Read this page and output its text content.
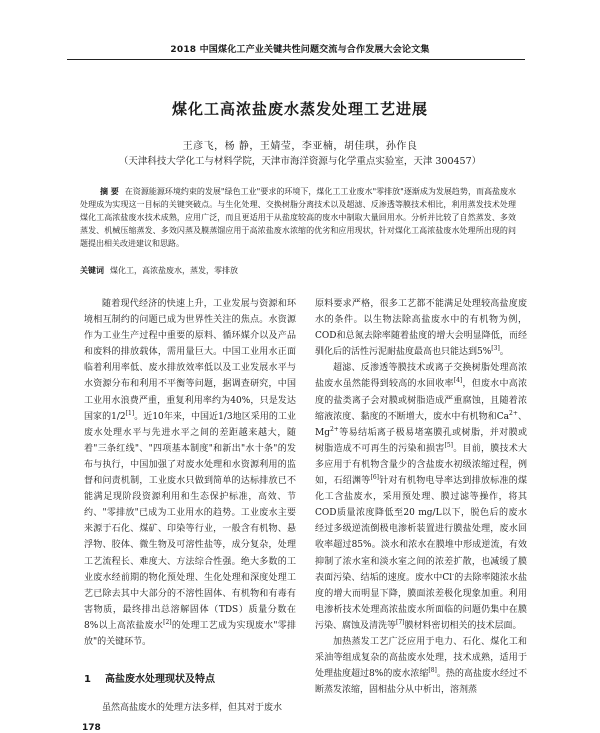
2018 中国煤化工产业关键共性问题交流与合作发展大会论文集
煤化工高浓盐废水蒸发处理工艺进展
王彦飞，杨 静，王婧莹，李亚楠，胡佳琪，孙作良
（天津科技大学化工与材料学院，天津市海洋资源与化学重点实验室，天津 300457）
摘 要 在资源能源环境约束的发展"绿色工业"要求的环境下，煤化工工业废水"零排放"逐渐成为发展趋势，而高盐废水处理成为实现这一目标的关键突破点。与生化处理、交换树脂分离技术以及超滤、反渗透等膜技术相比，利用蒸发技术处理煤化工高浓盐废水技术成熟，应用广泛，而且更适用于从盐度较高的废水中制取大量回用水。分析并比较了自然蒸发、多效蒸发、机械压缩蒸发、多效闪蒸及膜蒸馏应用于高浓盐废水浓缩的优劣和应用现状，针对煤化工高浓盐废水处理所出现的问题提出相关改进建议和思路。
关键词 煤化工，高浓盐废水，蒸发，零排放

随着现代经济的快速上升，工业发展与资源和环境相互制约的问题已成为世界性关注的焦点。水资源作为工业生产过程中重要的原料、循环媒介以及产品和废料的排放载体，需用量巨大。中国工业用水正面临着利用率低、废水排放效率低以及工业发展水平与水资源分布和利用不平衡等问题，据调查研究，中国工业用水浪费严重，重复利用率约为40%，只是发达国家的1/2[1]。近10年来，中国近1/3地区采用的工业废水处理水平与先进水平之间的差距越来越大，随着"三条红线"、"四项基本制度"和新出"水十条"的发布与执行，中国加强了对废水处理和水资源利用的监督和问责机制，工业废水只做到简单的达标排放已不能满足现阶段资源利用和生态保护标准，高效、节约、"零排放"已成为工业用水的趋势。工业废水主要来源于石化、煤矿、印染等行业，一般含有机物、悬浮物、胶体、微生物及可溶性盐等，成分复杂，处理工艺流程长、难度大、方法综合性强。绝大多数的工业废水经前期的物化预处理、生化处理和深度处理工艺已除去其中大部分的不溶性固体、有机物和有毒有害物质，最终排出总溶解固体（TDS）质量分数在8%以上高浓盐废水[2]的处理工艺成为实现废水"零排放"的关键环节。

1 高盐废水处理现状及特点
虽然高盐废水的处理方法多样，但其对于废水

原料要求严格，很多工艺都不能满足处理较高盐度废水的条件。以生物法除高盐废水中的有机物为例，COD和总氮去除率随着盐度的增大会明显降低，而经驯化后的活性污泥耐盐度最高也只能达到5%[3]。

超滤、反渗透等膜技术或离子交换树脂处理高浓盐废水虽然能得到较高的水回收率[4]，但废水中高浓度的盐类离子会对膜或树脂造成严重腐蚀，且随着浓缩液浓度、黏度的不断增大，废水中有机物和$Ca^{2+}$、$Mg^{2+}$等易结垢离子极易堵塞膜孔或树脂，并对膜或树脂造成不可再生的污染和损害[5]。目前，膜技术大多应用于有机物含量少的含盐废水初级浓缩过程，例如，石绍渊等[6]针对有机物电导率达到排放标准的煤化工含盐废水，采用预处理、膜过滤等操作，将其COD质量浓度降低至20 mg/L以下，脱色后的废水经过多级逆流倒极电渗析装置进行膜盐处理，废水回收率超过85%。淡水和浓水在膜堆中形成逆流，有效抑制了浓水室和淡水室之间的浓差扩散，也减缓了膜表面污染、结垢的速度。废水中Cl-的去除率随浓水盐度的增大而明显下降，膜面浓差极化现象加重。利用电渗析技术处理高浓盐废水所面临的问题仍集中在膜污染、腐蚀及清洗等[7]膜材料密切相关的技术层面。

加热蒸发工艺广泛应用于电力、石化、煤化工和采油等组成复杂的高盐废水处理，技术成熟，适用于处理盐度超过8%的废水浓缩[8]。热的高盐废水经过不断蒸发浓缩，固相盐分从中析出，溶剂蒸

178
